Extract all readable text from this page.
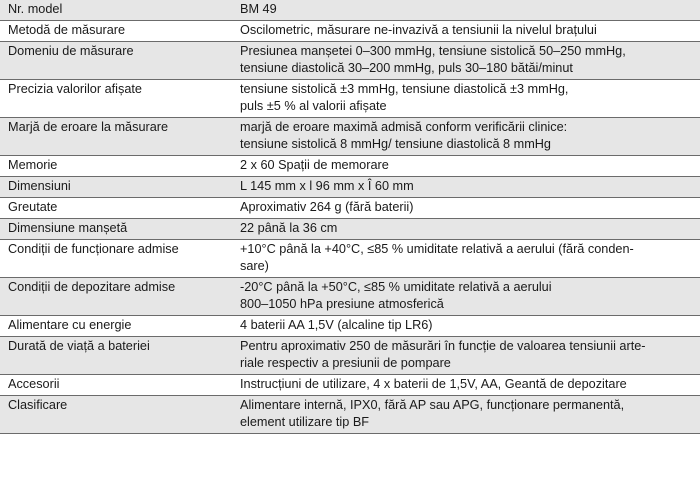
Nr. model	BM 49

Metodă de măsurare	Oscilometric, măsurare ne-invazivă a tensiunii la nivelul brațului

Domeniu de măsurare	Presiunea manșetei 0–300 mmHg, tensiune sistolică 50–250 mmHg,
tensiune diastolică 30–200 mmHg, puls 30–180 bătăi/minut

Precizia valorilor afișate	tensiune sistolică ±3 mmHg, tensiune diastolică ±3 mmHg,
puls ±5 % al valorii afișate

Marjă de eroare la măsurare	marjă de eroare maximă admisă conform verificării clinice:
tensiune sistolică 8 mmHg/ tensiune diastolică 8 mmHg

Memorie	2 x 60 Spații de memorare

Dimensiuni	L 145 mm x l 96 mm x Î 60 mm

Greutate	Aproximativ 264 g (fără baterii)

Dimensiune manșetă	22 până la 36 cm

Condiții de funcționare admise	+10°C până la +40°C, ≤85 % umiditate relativă a aerului (fără conden-
sare)

Condiții de depozitare admise	-20°C până la +50°C, ≤85 % umiditate relativă a aerului
800–1050 hPa presiune atmosferică

Alimentare cu energie	4 baterii AA 1,5V (alcaline tip LR6)

Durată de viață a bateriei	Pentru aproximativ 250 de măsurări în funcție de valoarea tensiunii arte-
riale respectiv a presiunii de pompare

Accesorii	Instrucțiuni de utilizare, 4 x baterii de 1,5V, AA, Geantă de depozitare

Clasificare	Alimentare internă, IPX0, fără AP sau APG, funcționare permanentă,
element utilizare tip BF
